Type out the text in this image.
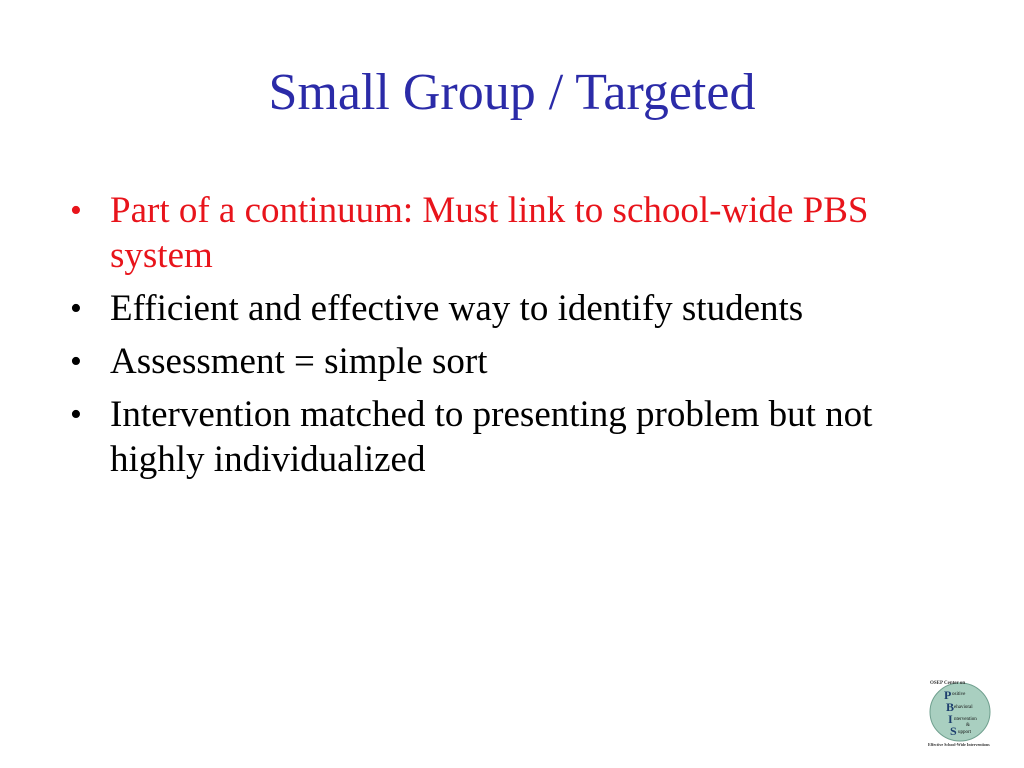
Small Group / Targeted
• Part of a continuum: Must link to school-wide PBS system
• Efficient and effective way to identify students
• Assessment = simple sort
• Intervention matched to presenting problem but not highly individualized
OSEP Center on
P ositive
B ehavioral
I ntervention
&
S upport
Effective School-Wide Interventions
